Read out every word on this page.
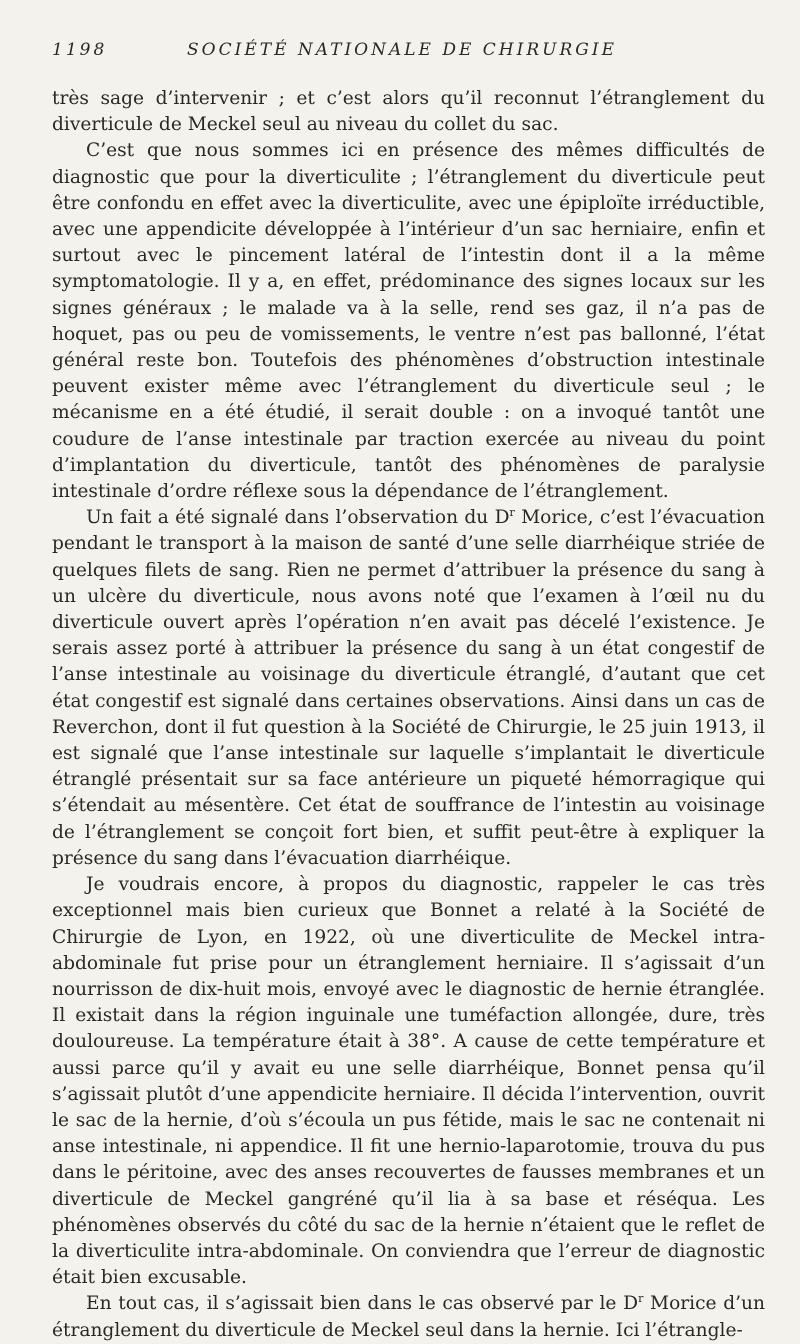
1198	SOCIÉTÉ NATIONALE DE CHIRURGIE

très sage d’intervenir ; et c’est alors qu’il reconnut l’étranglement du diverticule de Meckel seul au niveau du collet du sac.

C’est que nous sommes ici en présence des mêmes difficultés de diagnostic que pour la diverticulite ; l’étranglement du diverticule peut être confondu en effet avec la diverticulite, avec une épiploïte irréductible, avec une appendicite développée à l’intérieur d’un sac herniaire, enfin et surtout avec le pincement latéral de l’intestin dont il a la même symptomatologie. Il y a, en effet, prédominance des signes locaux sur les signes généraux ; le malade va à la selle, rend ses gaz, il n’a pas de hoquet, pas ou peu de vomissements, le ventre n’est pas ballonné, l’état général reste bon. Toutefois des phénomènes d’obstruction intestinale peuvent exister même avec l’étranglement du diverticule seul ; le mécanisme en a été étudié, il serait double : on a invoqué tantôt une coudure de l’anse intestinale par traction exercée au niveau du point d’implantation du diverticule, tantôt des phénomènes de paralysie intestinale d’ordre réflexe sous la dépendance de l’étranglement.

Un fait a été signalé dans l’observation du $D^r$ Morice, c’est l’évacuation pendant le transport à la maison de santé d’une selle diarrhéique striée de quelques filets de sang. Rien ne permet d’attribuer la présence du sang à un ulcère du diverticule, nous avons noté que l’examen à l’œil nu du diverticule ouvert après l’opération n’en avait pas décelé l’existence. Je serais assez porté à attribuer la présence du sang à un état congestif de l’anse intestinale au voisinage du diverticule étranglé, d’autant que cet état congestif est signalé dans certaines observations. Ainsi dans un cas de Reverchon, dont il fut question à la Société de Chirurgie, le 25 juin 1913, il est signalé que l’anse intestinale sur laquelle s’implantait le diverticule étranglé présentait sur sa face antérieure un piqueté hémorragique qui s’étendait au mésentère. Cet état de souffrance de l’intestin au voisinage de l’étranglement se conçoit fort bien, et suffit peut-être à expliquer la présence du sang dans l’évacuation diarrhéique.

Je voudrais encore, à propos du diagnostic, rappeler le cas très exceptionnel mais bien curieux que Bonnet a relaté à la Société de Chirurgie de Lyon, en 1922, où une diverticulite de Meckel intra-abdominale fut prise pour un étranglement herniaire. Il s’agissait d’un nourrisson de dix-huit mois, envoyé avec le diagnostic de hernie étranglée. Il existait dans la région inguinale une tuméfaction allongée, dure, très douloureuse. La température était à 38°. A cause de cette température et aussi parce qu’il y avait eu une selle diarrhéique, Bonnet pensa qu’il s’agissait plutôt d’une appendicite herniaire. Il décida l’intervention, ouvrit le sac de la hernie, d’où s’écoula un pus fétide, mais le sac ne contenait ni anse intestinale, ni appendice. Il fit une hernio-laparotomie, trouva du pus dans le péritoine, avec des anses recouvertes de fausses membranes et un diverticule de Meckel gangréné qu’il lia à sa base et réséqua. Les phénomènes observés du côté du sac de la hernie n’étaient que le reflet de la diverticulite intra-abdominale. On conviendra que l’erreur de diagnostic était bien excusable.

En tout cas, il s’agissait bien dans le cas observé par le $D^r$ Morice d’un étranglement du diverticule de Meckel seul dans la hernie. Ici l’étrangle-
